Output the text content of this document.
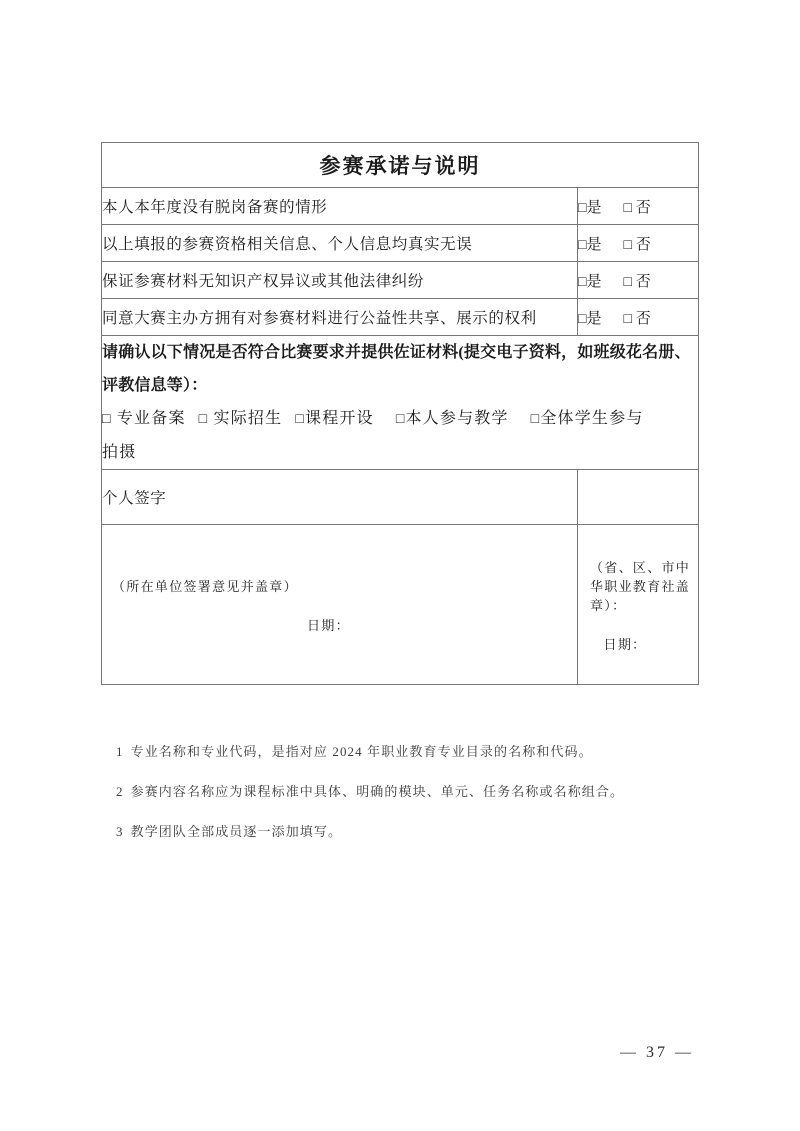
参赛承诺与说明	
本人本年度没有脱岗备赛的情形	□是 □ 否
以上填报的参赛资格相关信息、个人信息均真实无误	□是 □ 否
保证参赛材料无知识产权异议或其他法律纠纷	□是 □ 否
同意大赛主办方拥有对参赛材料进行公益性共享、展示的权利	□是 □ 否

请确认以下情况是否符合比赛要求并提供佐证材料(提交电子资料，如班级花名册、
评教信息等）：
□ 专业备案 □ 实际招生 □课程开设 □本人参与教学 □全体学生参与
拍摄	

个人签字	

（所在单位签署意见并盖章）
日期：

（省、区、市中华职业教育社盖章）：
日期：
1 专业名称和专业代码，是指对应 2024 年职业教育专业目录的名称和代码。
2 参赛内容名称应为课程标准中具体、明确的模块、单元、任务名称或名称组合。
3 教学团队全部成员逐一添加填写。
— 37 —
